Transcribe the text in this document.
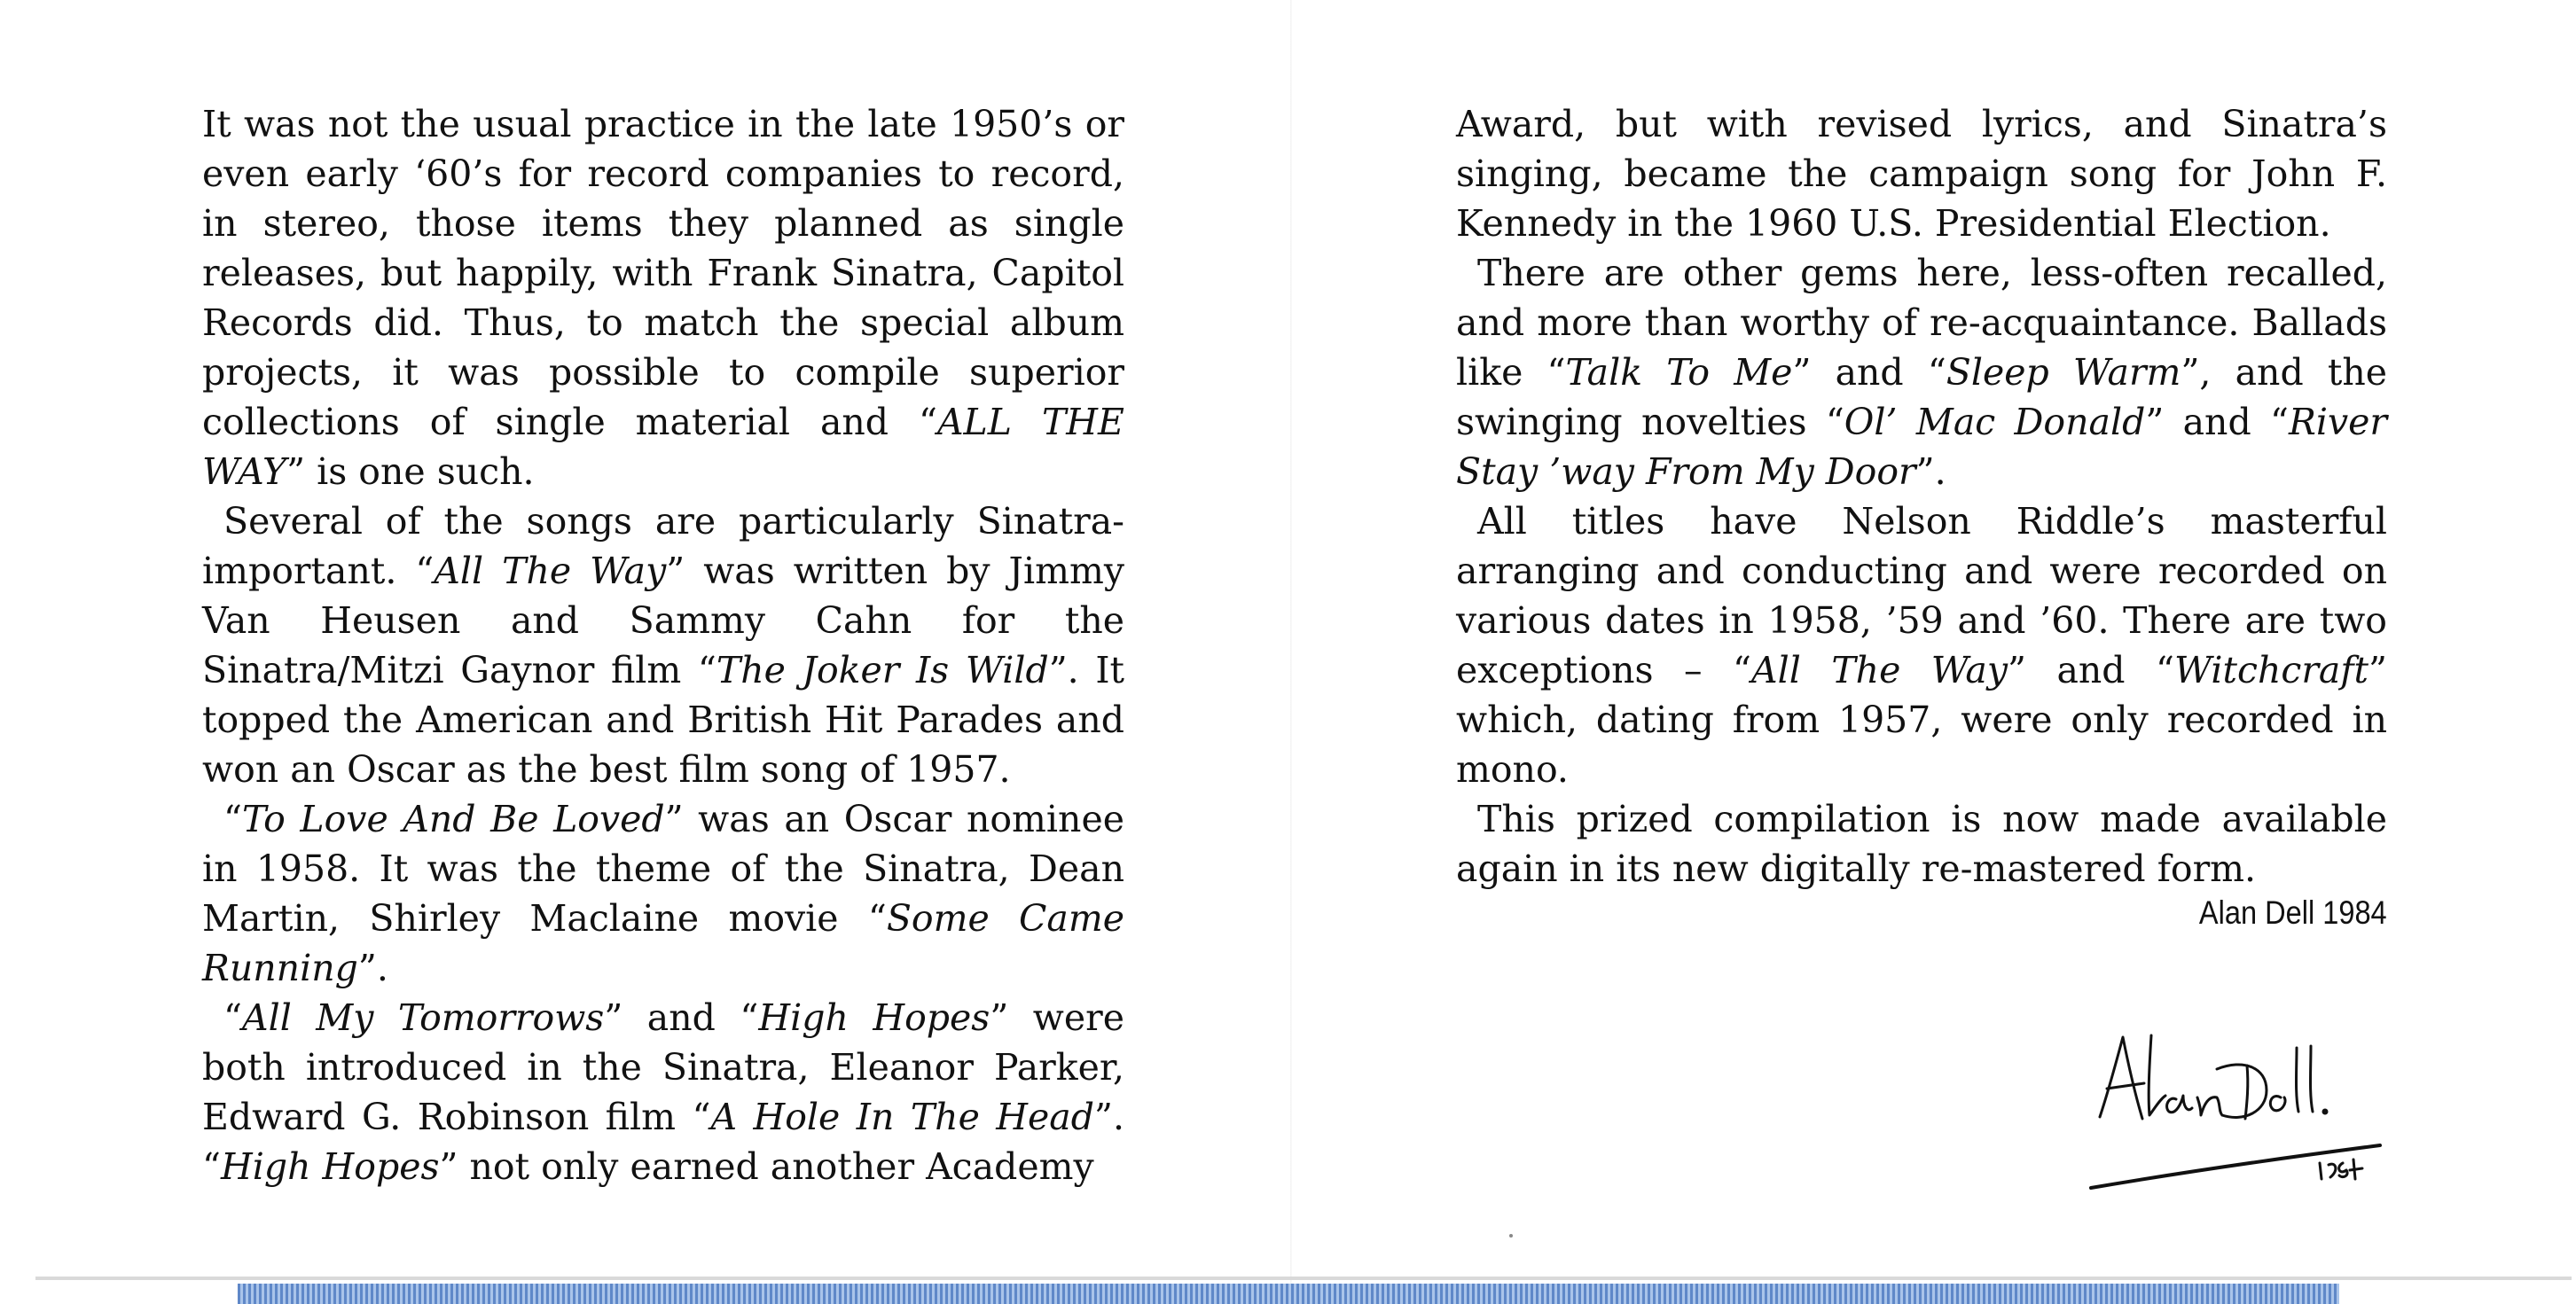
It was not the usual practice in the late 1950’s or even early ‘60’s for record companies to record, in stereo, those items they planned as single releases, but happily, with Frank Sinatra, Capitol Records did. Thus, to match the special album projects, it was possible to compile superior collections of single material and “ALL THE WAY” is one such.

Several of the songs are particularly Sinatra-important. “All The Way” was written by Jimmy Van Heusen and Sammy Cahn for the Sinatra/Mitzi Gaynor film “The Joker Is Wild”. It topped the American and British Hit Parades and won an Oscar as the best film song of 1957.

“To Love And Be Loved” was an Oscar nominee in 1958. It was the theme of the Sinatra, Dean Martin, Shirley Maclaine movie “Some Came Running”.

“All My Tomorrows” and “High Hopes” were both introduced in the Sinatra, Eleanor Parker, Edward G. Robinson film “A Hole In The Head”. “High Hopes” not only earned another Academy

Award, but with revised lyrics, and Sinatra’s singing, became the campaign song for John F. Kennedy in the 1960 U.S. Presidential Election.

There are other gems here, less-often recalled, and more than worthy of re-acquaintance. Ballads like “Talk To Me” and “Sleep Warm”, and the swinging novelties “Ol’ Mac Donald” and “River Stay ’way From My Door”.

All titles have Nelson Riddle’s masterful arranging and conducting and were recorded on various dates in 1958, ’59 and ’60. There are two exceptions – “All The Way” and “Witchcraft” which, dating from 1957, were only recorded in mono.

This prized compilation is now made available again in its new digitally re-mastered form.

Alan Dell 1984
